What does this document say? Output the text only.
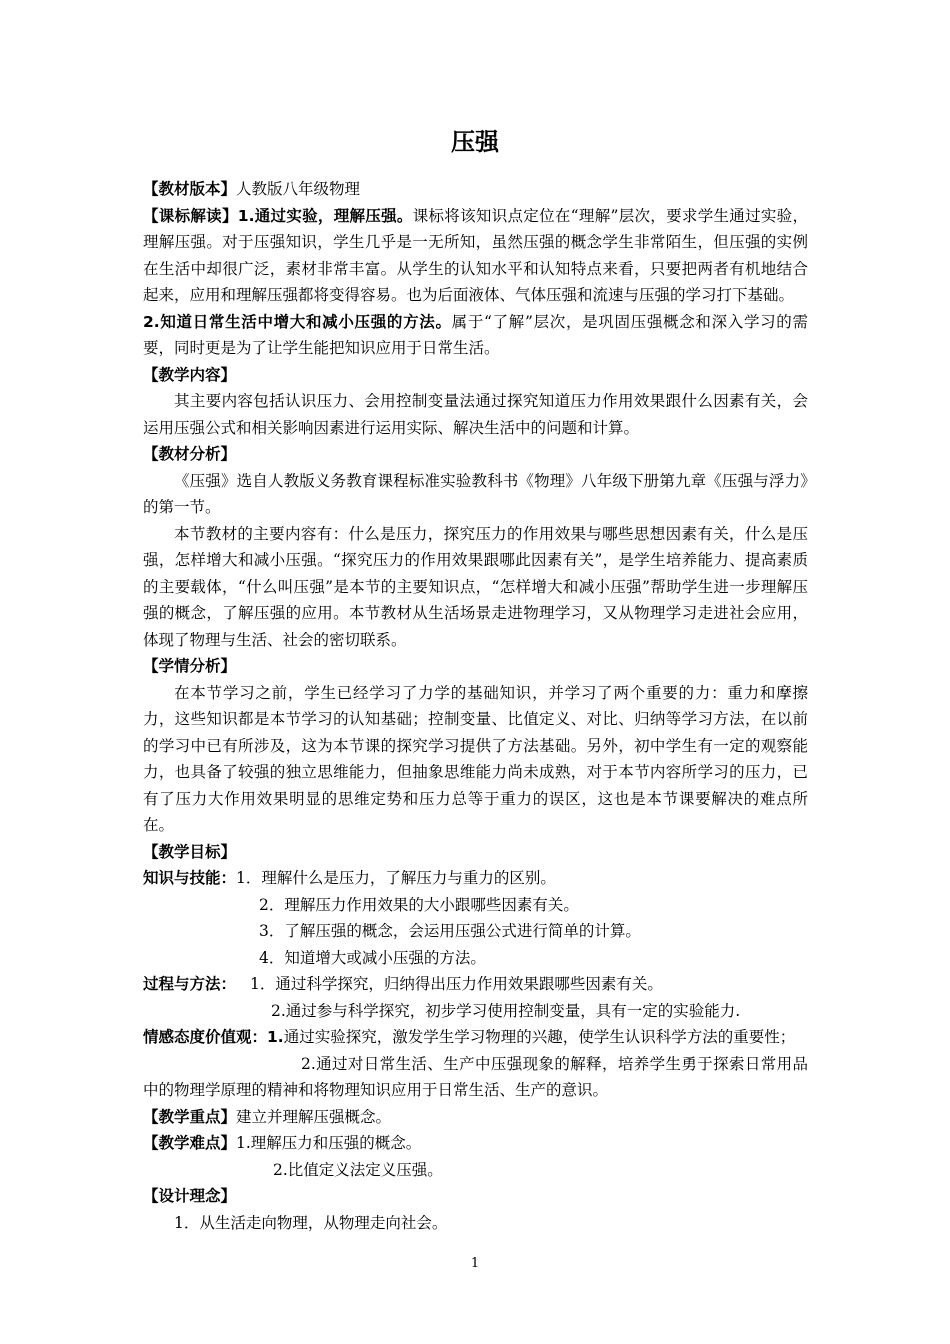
压强

【教材版本】人教版八年级物理

【课标解读】1.通过实验，理解压强。课标将该知识点定位在“理解”层次，要求学生通过实验，理解压强。对于压强知识，学生几乎是一无所知，虽然压强的概念学生非常陌生，但压强的实例在生活中却很广泛，素材非常丰富。从学生的认知水平和认知特点来看，只要把两者有机地结合起来，应用和理解压强都将变得容易。也为后面液体、气体压强和流速与压强的学习打下基础。

2.知道日常生活中增大和减小压强的方法。属于“了解”层次，是巩固压强概念和深入学习的需要，同时更是为了让学生能把知识应用于日常生活。

【教学内容】

其主要内容包括认识压力、会用控制变量法通过探究知道压力作用效果跟什么因素有关，会运用压强公式和相关影响因素进行运用实际、解决生活中的问题和计算。

【教材分析】

《压强》选自人教版义务教育课程标准实验教科书《物理》八年级下册第九章《压强与浮力》的第一节。

本节教材的主要内容有：什么是压力，探究压力的作用效果与哪些思想因素有关，什么是压强，怎样增大和减小压强。“探究压力的作用效果跟哪此因素有关”，是学生培养能力、提高素质的主要载体，“什么叫压强”是本节的主要知识点，“怎样增大和减小压强”帮助学生进一步理解压强的概念，了解压强的应用。本节教材从生活场景走进物理学习，又从物理学习走进社会应用，体现了物理与生活、社会的密切联系。

【学情分析】

在本节学习之前，学生已经学习了力学的基础知识，并学习了两个重要的力：重力和摩擦力，这些知识都是本节学习的认知基础；控制变量、比值定义、对比、归纳等学习方法，在以前的学习中已有所涉及，这为本节课的探究学习提供了方法基础。另外，初中学生有一定的观察能力，也具备了较强的独立思维能力，但抽象思维能力尚未成熟，对于本节内容所学习的压力，已有了压力大作用效果明显的思维定势和压力总等于重力的误区，这也是本节课要解决的难点所在。

【教学目标】

知识与技能：1．理解什么是压力，了解压力与重力的区别。

2．理解压力作用效果的大小跟哪些因素有关。

3．了解压强的概念，会运用压强公式进行简单的计算。

4．知道增大或减小压强的方法。

过程与方法： 1．通过科学探究，归纳得出压力作用效果跟哪些因素有关。

2.通过参与科学探究，初步学习使用控制变量，具有一定的实验能力.

情感态度价值观：1.通过实验探究，激发学生学习物理的兴趣，使学生认识科学方法的重要性；

2.通过对日常生活、生产中压强现象的解释，培养学生勇于探索日常用品中的物理学原理的精神和将物理知识应用于日常生活、生产的意识。

【教学重点】建立并理解压强概念。

【教学难点】1.理解压力和压强的概念。

2.比值定义法定义压强。

【设计理念】

1．从生活走向物理，从物理走向社会。

1
